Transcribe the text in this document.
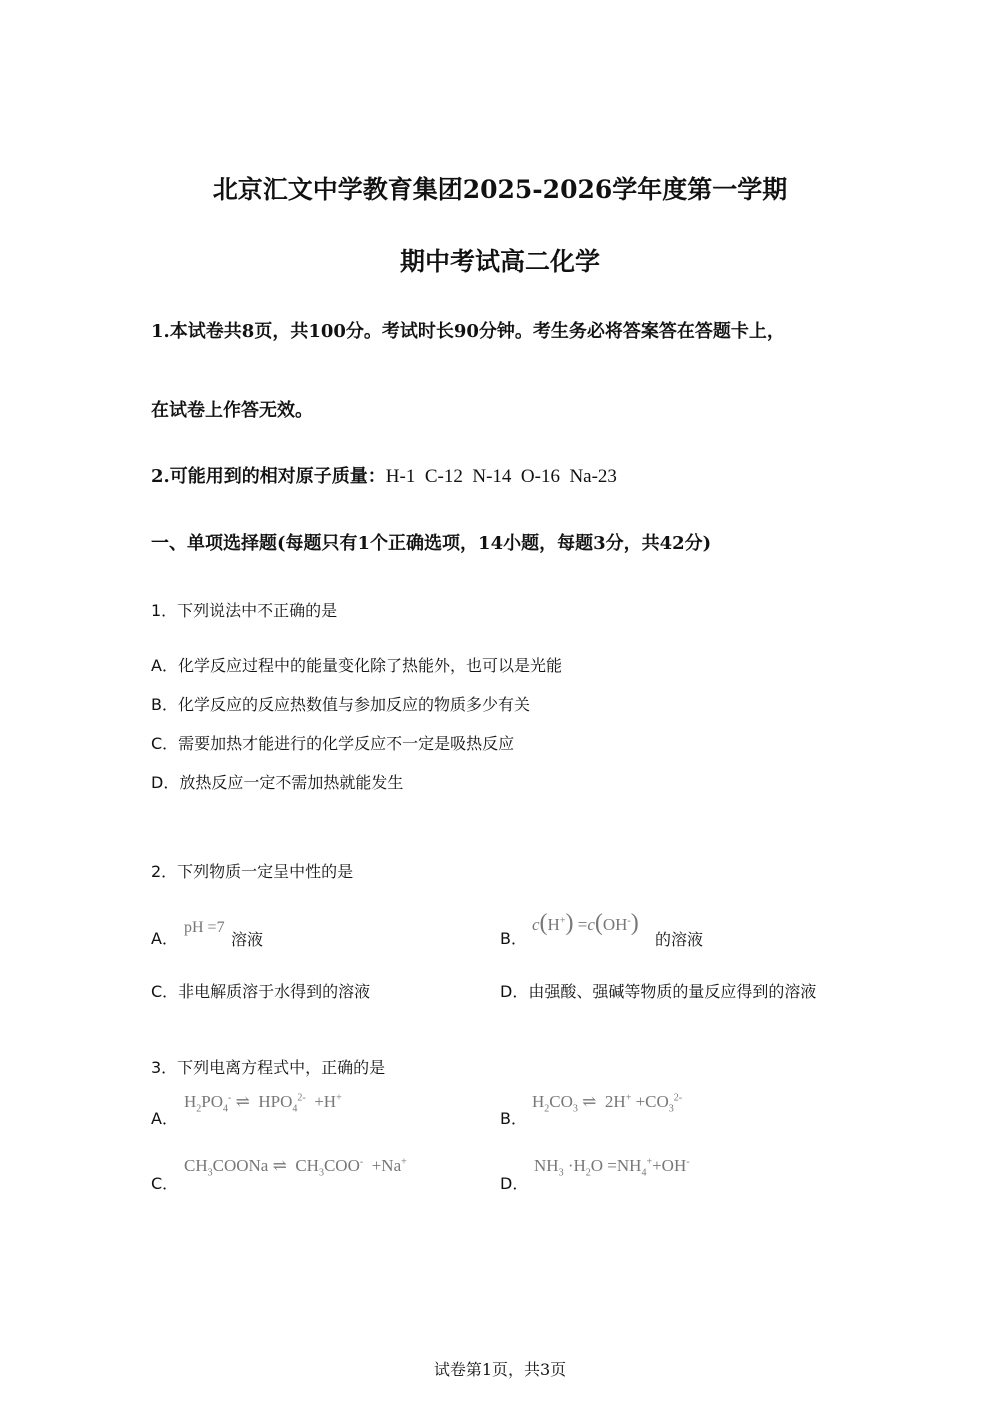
北京汇文中学教育集团2025-2026学年度第一学期
期中考试高二化学
1.本试卷共8页，共100分。考试时长90分钟。考生务必将答案答在答题卡上，
在试卷上作答无效。
2.可能用到的相对原子质量：H-1  C-12  N-14  O-16  Na-23
一、单项选择题(每题只有1个正确选项，14小题，每题3分，共42分)
1．下列说法中不正确的是
A．化学反应过程中的能量变化除了热能外，也可以是光能
B．化学反应的反应热数值与参加反应的物质多少有关
C．需要加热才能进行的化学反应不一定是吸热反应
D．放热反应一定不需加热就能发生
2．下列物质一定呈中性的是
A．
pH =7
溶液	B．
c(H+) =c(OH-)
的溶液
C．非电解质溶于水得到的溶液	D．由强酸、强碱等物质的量反应得到的溶液
3．下列电离方程式中，正确的是
A．
$H_2PO_4^-$ ⇌  $HPO_4^{2-} +H^+$
B．
$H_2CO_3$ ⇌  $2H^+ +CO_3^{2-}$
C．
$CH_3COONa$ ⇌  $CH_3COO^- +Na^+$
D．
$NH_3 \cdot H_2O =NH_4^++OH^-$
试卷第1页，共3页
